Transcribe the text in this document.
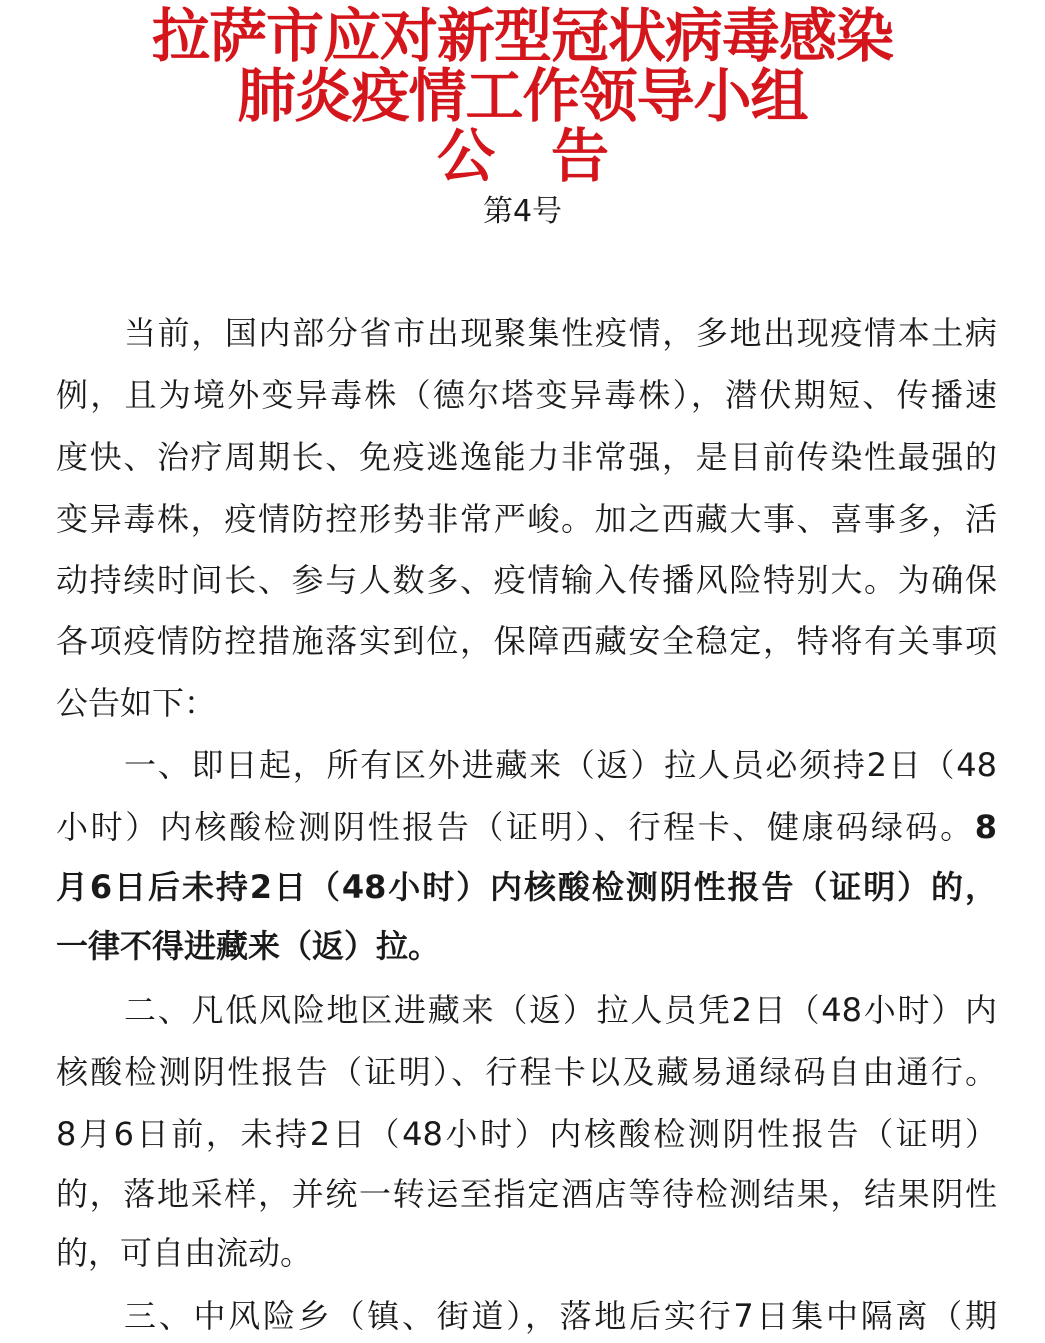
拉萨市应对新型冠状病毒感染
肺炎疫情工作领导小组
公　告
第4号
当前，国内部分省市出现聚集性疫情，多地出现疫情本土病
例，且为境外变异毒株（德尔塔变异毒株），潜伏期短、传播速
度快、治疗周期长、免疫逃逸能力非常强，是目前传染性最强的
变异毒株，疫情防控形势非常严峻。加之西藏大事、喜事多，活
动持续时间长、参与人数多、疫情输入传播风险特别大。为确保
各项疫情防控措施落实到位，保障西藏安全稳定，特将有关事项
公告如下：
一、即日起，所有区外进藏来（返）拉人员必须持2日（48
小时）内核酸检测阴性报告（证明）、行程卡、健康码绿码。8
月6日后未持2日（48小时）内核酸检测阴性报告（证明）的，
一律不得进藏来（返）拉。
二、凡低风险地区进藏来（返）拉人员凭2日（48小时）内
核酸检测阴性报告（证明）、行程卡以及藏易通绿码自由通行。
8月6日前，未持2日（48小时）内核酸检测阴性报告（证明）
的，落地采样，并统一转运至指定酒店等待检测结果，结果阴性
的，可自由流动。
三、中风险乡（镇、街道），落地后实行7日集中隔离（期
